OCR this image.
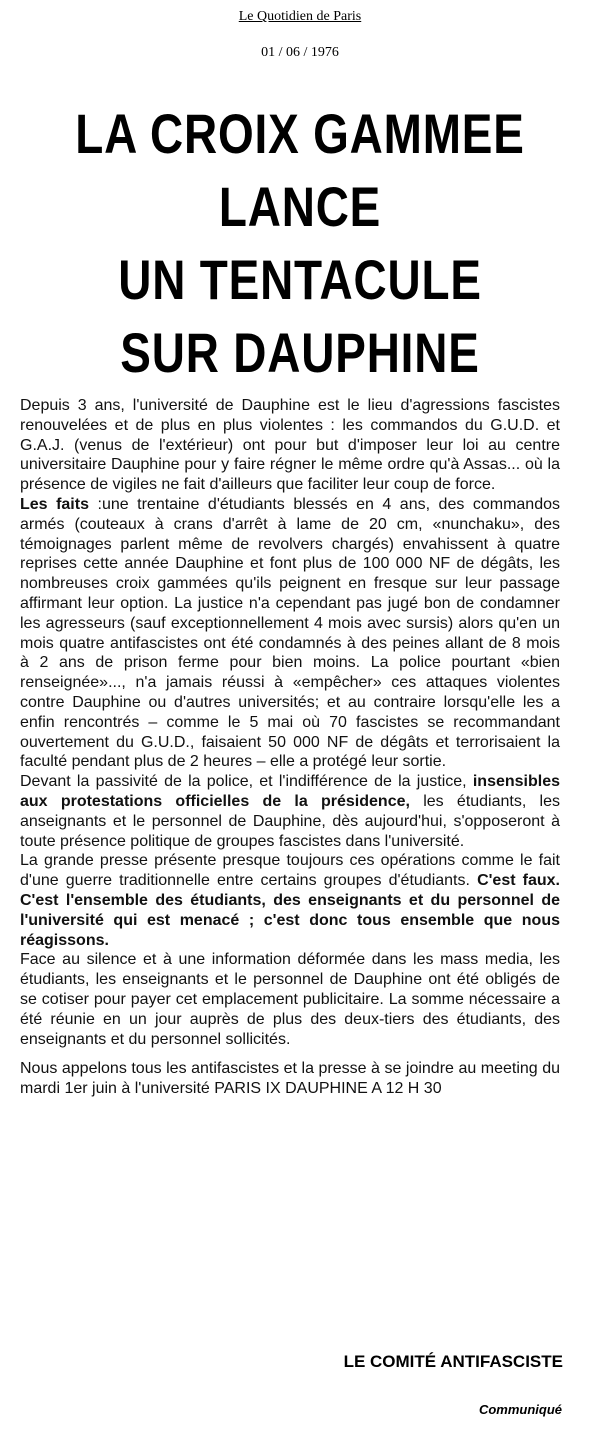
Le Quotidien de Paris
01 / 06 / 1976
LA CROIX GAMMEE
LANCE
UN TENTACULE
SUR DAUPHINE

Depuis 3 ans, l'université de Dauphine est le lieu d'agressions fascistes renouvelées et de plus en plus violentes : les commandos du G.U.D. et G.A.J. (venus de l'extérieur) ont pour but d'imposer leur loi au centre universitaire Dauphine pour y faire régner le même ordre qu'à Assas... où la présence de vigiles ne fait d'ailleurs que faciliter leur coup de force.

Les faits :une trentaine d'étudiants blessés en 4 ans, des commandos armés (couteaux à crans d'arrêt à lame de 20 cm, «nunchaku», des témoignages parlent même de revolvers chargés) envahissent à quatre reprises cette année Dauphine et font plus de 100 000 NF de dégâts, les nombreuses croix gammées qu'ils peignent en fresque sur leur passage affirmant leur option. La justice n'a cependant pas jugé bon de condamner les agresseurs (sauf exceptionnellement 4 mois avec sursis) alors qu'en un mois quatre antifascistes ont été condamnés à des peines allant de 8 mois à 2 ans de prison ferme pour bien moins. La police pourtant «bien renseignée»..., n'a jamais réussi à «empêcher» ces attaques violentes contre Dauphine ou d'autres universités; et au contraire lorsqu'elle les a enfin rencontrés – comme le 5 mai où 70 fascistes se recommandant ouvertement du G.U.D., faisaient 50 000 NF de dégâts et terrorisaient la faculté pendant plus de 2 heures – elle a protégé leur sortie.

Devant la passivité de la police, et l'indifférence de la justice, insensibles aux protestations officielles de la présidence, les étudiants, les anseignants et le personnel de Dauphine, dès aujourd'hui, s'opposeront à toute présence politique de groupes fascistes dans l'université.

La grande presse présente presque toujours ces opérations comme le fait d'une guerre traditionnelle entre certains groupes d'étudiants. C'est faux. C'est l'ensemble des étudiants, des enseignants et du personnel de l'université qui est menacé ; c'est donc tous ensemble que nous réagissons.

Face au silence et à une information déformée dans les mass media, les étudiants, les enseignants et le personnel de Dauphine ont été obligés de se cotiser pour payer cet emplacement publicitaire. La somme nécessaire a été réunie en un jour auprès de plus des deux-tiers des étudiants, des enseignants et du personnel sollicités.

Nous appelons tous les antifascistes et la presse à se joindre au meeting du mardi 1er juin à l'université PARIS IX DAUPHINE A 12 H 30

LE COMITÉ ANTIFASCISTE
Communiqué
